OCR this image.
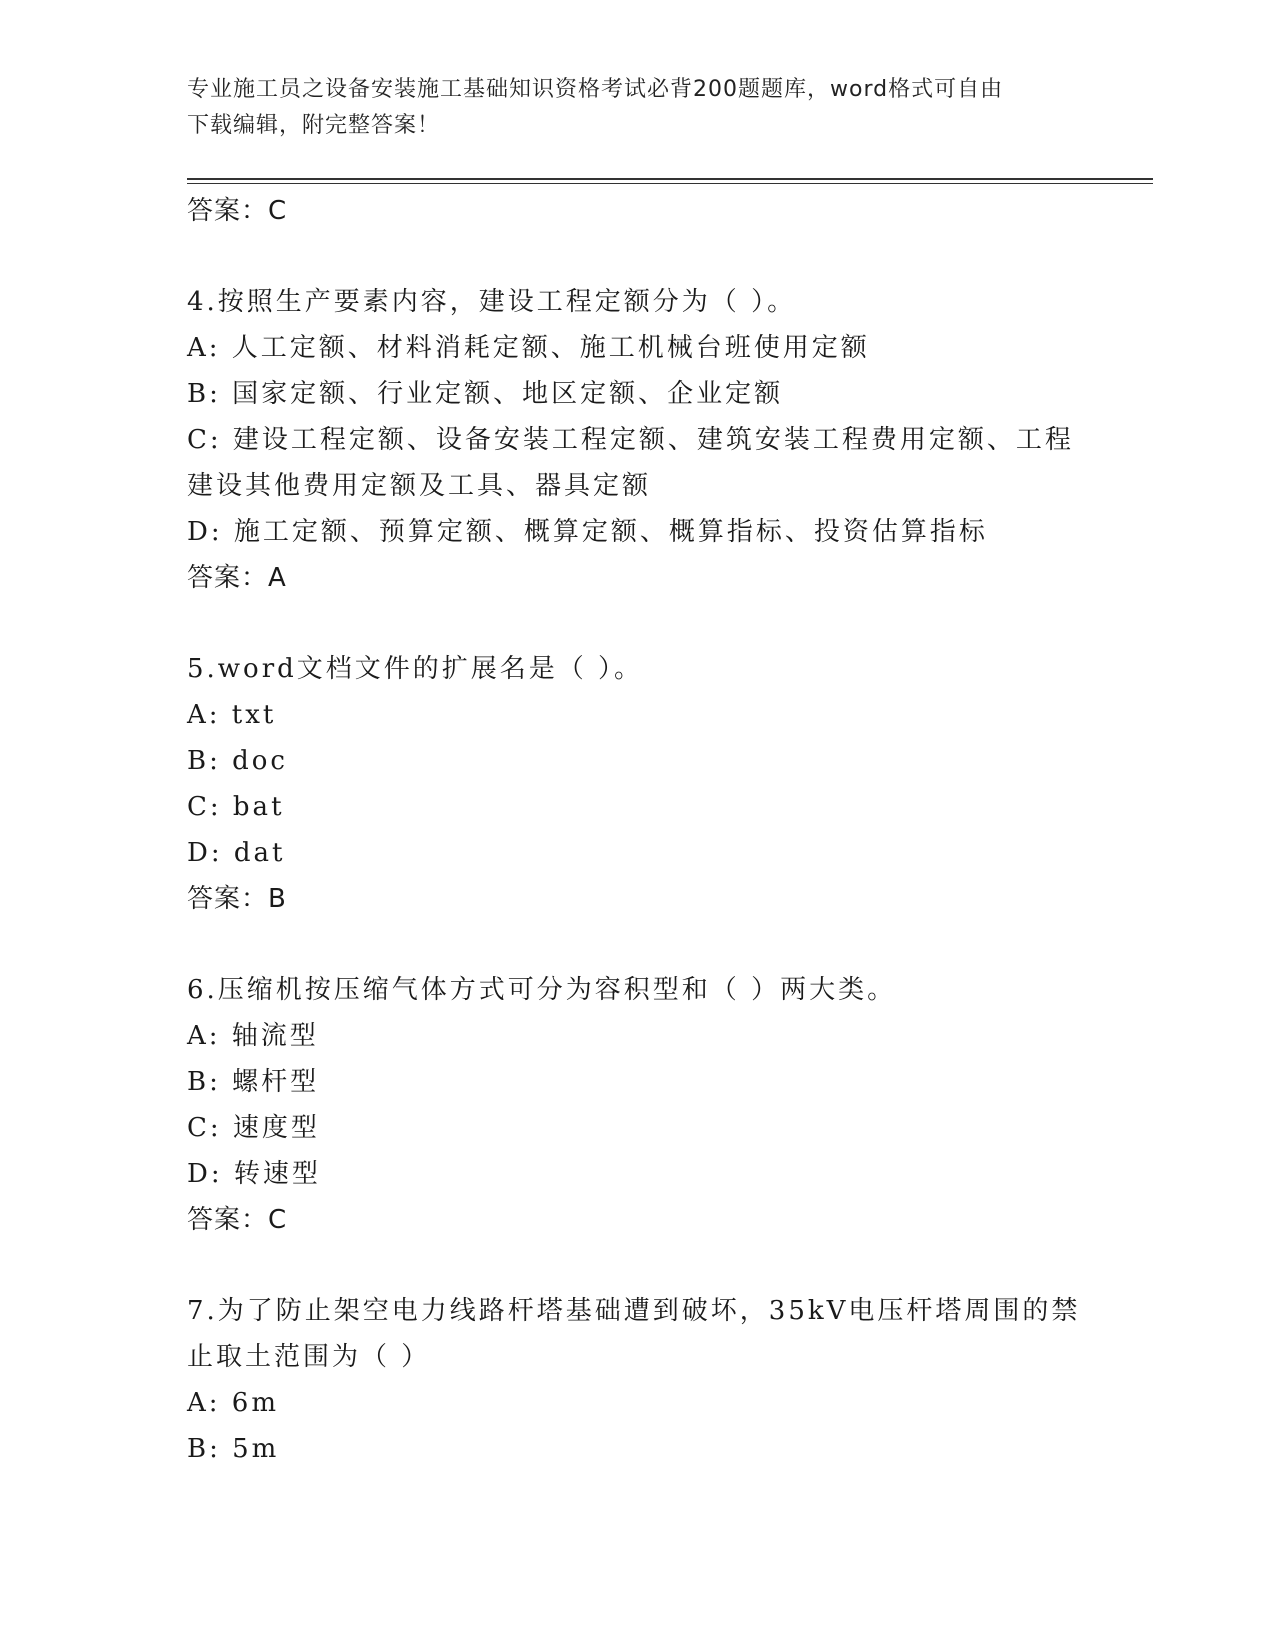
专业施工员之设备安装施工基础知识资格考试必背200题题库，word格式可自由
下载编辑，附完整答案！
答案：C
4.按照生产要素内容，建设工程定额分为（ ）。
A: 人工定额、材料消耗定额、施工机械台班使用定额
B: 国家定额、行业定额、地区定额、企业定额
C: 建设工程定额、设备安装工程定额、建筑安装工程费用定额、工程
建设其他费用定额及工具、器具定额
D: 施工定额、预算定额、概算定额、概算指标、投资估算指标
答案：A
5.word文档文件的扩展名是（ ）。
A: txt
B: doc
C: bat
D: dat
答案：B
6.压缩机按压缩气体方式可分为容积型和（ ）两大类。
A: 轴流型
B: 螺杆型
C: 速度型
D: 转速型
答案：C
7.为了防止架空电力线路杆塔基础遭到破坏，35kV电压杆塔周围的禁
止取土范围为（ ）
A: 6m
B: 5m
